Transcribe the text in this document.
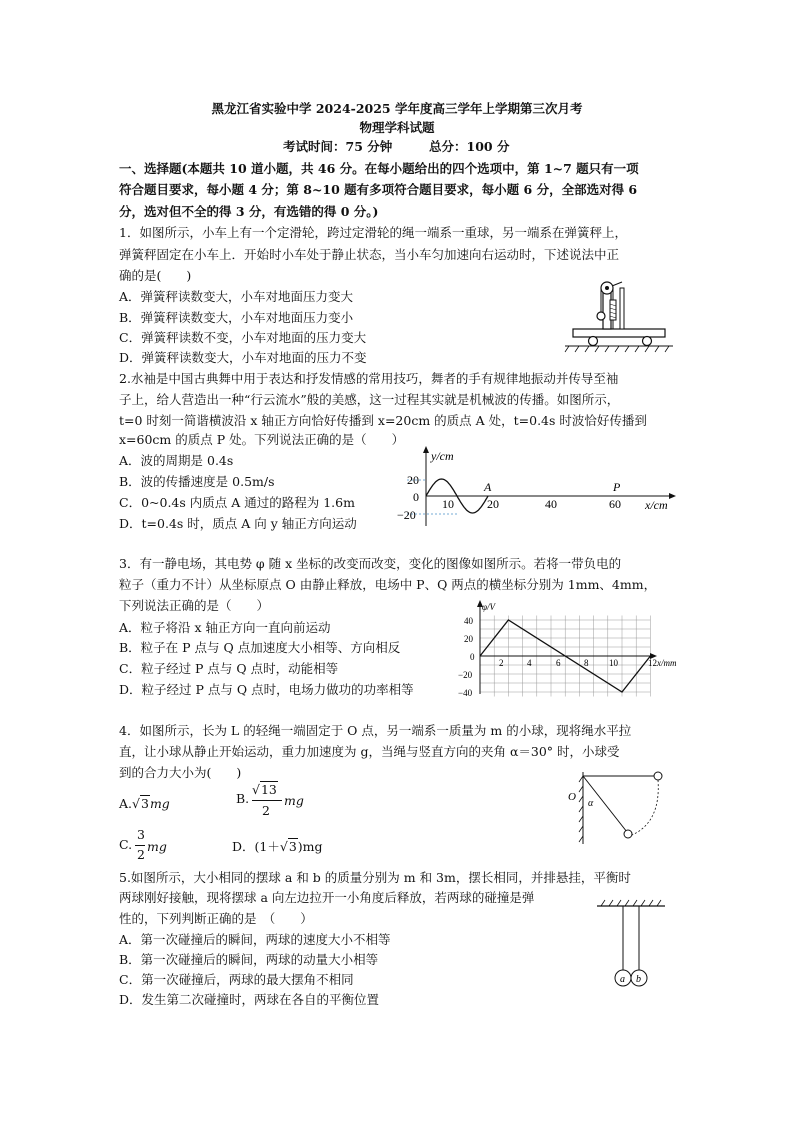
黑龙江省实验中学 2024-2025 学年度高三学年上学期第三次月考
物理学科试题
考试时间：75 分钟	总分：100 分
一、选择题(本题共 10 道小题，共 46 分。在每小题给出的四个选项中，第 1~7 题只有一项
符合题目要求，每小题 4 分；第 8~10 题有多项符合题目要求，每小题 6 分，全部选对得 6
分，选对但不全的得 3 分，有选错的得 0 分。)
1．如图所示，小车上有一个定滑轮，跨过定滑轮的绳一端系一重球，另一端系在弹簧秤上，
弹簧秤固定在小车上．开始时小车处于静止状态，当小车匀加速向右运动时，下述说法中正
确的是(　　)
A．弹簧秤读数变大，小车对地面压力变大
B．弹簧秤读数变大，小车对地面压力变小
C．弹簧秤读数不变，小车对地面的压力变大
D．弹簧秤读数变大，小车对地面的压力不变
2.水袖是中国古典舞中用于表达和抒发情感的常用技巧，舞者的手有规律地振动并传导至袖
子上，给人营造出一种“行云流水”般的美感，这一过程其实就是机械波的传播。如图所示，
t=0 时刻一简谐横波沿 x 轴正方向恰好传播到 x=20cm 的质点 A 处，t=0.4s 时波恰好传播到
x=60cm 的质点 P 处。下列说法正确的是（　　）
A．波的周期是 0.4s
B．波的传播速度是 0.5m/s
C．0~0.4s 内质点 A 通过的路程为 1.6m
D．t=0.4s 时，质点 A 向 y 轴正方向运动
y/cm
x/cm
20
0
−20
10	20	40	60
A	P
3．有一静电场，其电势 φ 随 x 坐标的改变而改变，变化的图像如图所示。若将一带负电的
粒子（重力不计）从坐标原点 O 由静止释放，电场中 P、Q 两点的横坐标分别为 1mm、4mm，
下列说法正确的是（　　）
A．粒子将沿 x 轴正方向一直向前运动
B．粒子在 P 点与 Q 点加速度大小相等、方向相反
C．粒子经过 P 点与 Q 点时，动能相等
D．粒子经过 P 点与 Q 点时，电场力做功的功率相等
φ/V
x/mm
40
20
0
−20
−40
2	4	6	8 10	12
4．如图所示，长为 L 的轻绳一端固定于 O 点，另一端系一质量为 m 的小球，现将绳水平拉
直，让小球从静止开始运动，重力加速度为 g，当绳与竖直方向的夹角 α＝30° 时，小球受
到的合力大小为(　　)
A.√3mg	B.
√13
2
mg
C.
3
2
mg	D．(1＋√3)mg
O
α
5.如图所示，大小相同的摆球 a 和 b 的质量分别为 m 和 3m，摆长相同，并排悬挂，平衡时
两球刚好接触，现将摆球 a 向左边拉开一小角度后释放，若两球的碰撞是弹
性的，下列判断正确的是　（　　）
A．第一次碰撞后的瞬间，两球的速度大小不相等
B．第一次碰撞后的瞬间，两球的动量大小相等
C．第一次碰撞后，两球的最大摆角不相同
D．发生第二次碰撞时，两球在各自的平衡位置
a b
